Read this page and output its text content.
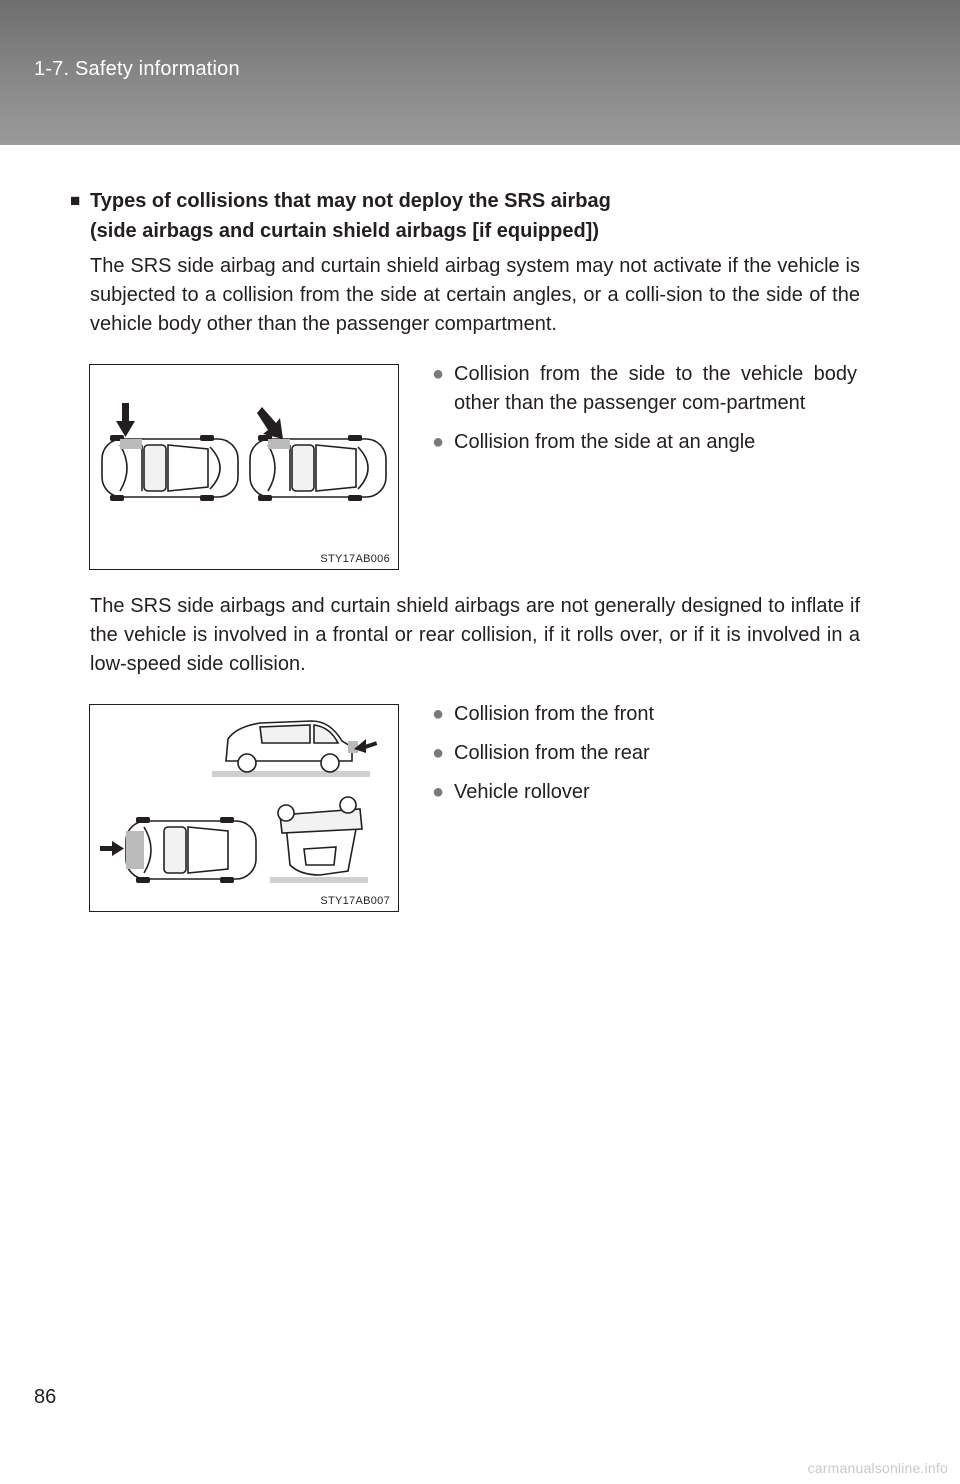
1-7. Safety information
■ Types of collisions that may not deploy the SRS airbag
(side airbags and curtain shield airbags [if equipped])
The SRS side airbag and curtain shield airbag system may not activate if the vehicle is subjected to a collision from the side at certain angles, or a colli-sion to the side of the vehicle body other than the passenger compartment.
STY17AB006
● Collision from the side to the vehicle body other than the passenger com-partment
● Collision from the side at an angle
The SRS side airbags and curtain shield airbags are not generally designed to inflate if the vehicle is involved in a frontal or rear collision, if it rolls over, or if it is involved in a low-speed side collision.
STY17AB007
● Collision from the front
● Collision from the rear
● Vehicle rollover
86
carmanualsonline.info
